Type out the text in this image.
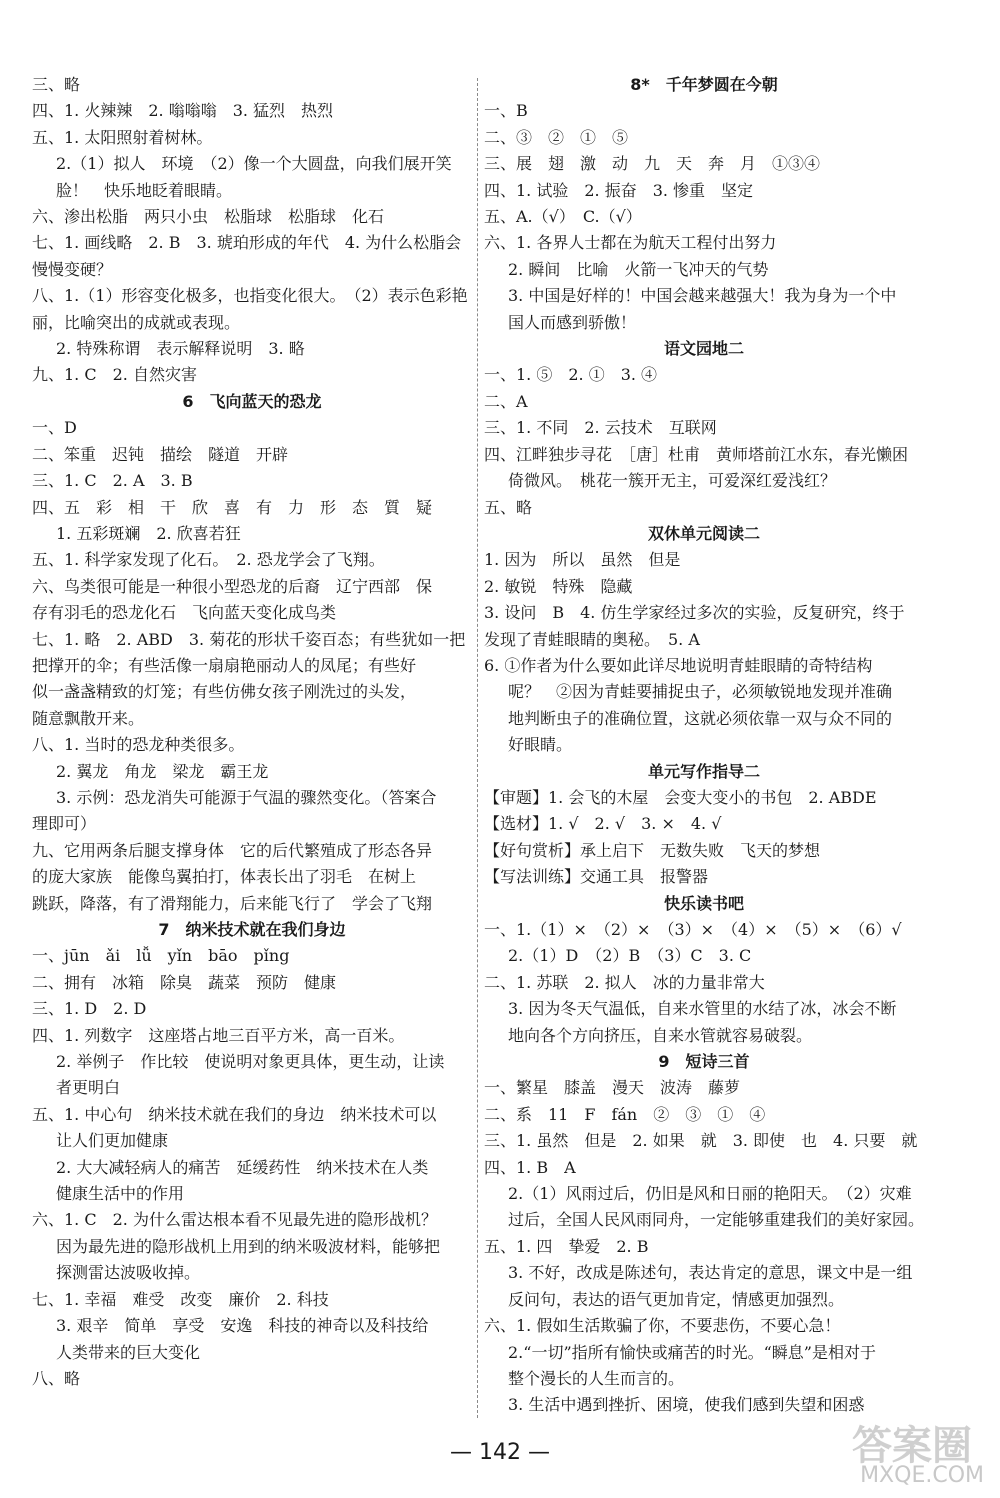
三、略
四、1. 火辣辣　2. 嗡嗡嗡　3. 猛烈　热烈
五、1. 太阳照射着树林。
2.（1）拟人　环境　（2）像一个大圆盘，向我们展开笑
脸！　快乐地眨着眼睛。
六、渗出松脂　两只小虫　松脂球　松脂球　化石
七、1. 画线略　2. B　3. 琥珀形成的年代　4. 为什么松脂会
慢慢变硬？
八、1.（1）形容变化极多，也指变化很大。　（2）表示色彩艳
丽，比喻突出的成就或表现。
2. 特殊称谓　表示解释说明　3. 略
九、1. C　2. 自然灾害
6　飞向蓝天的恐龙
一、D
二、笨重　迟钝　描绘　隧道　开辟
三、1. C　2. A　3. B
四、五　彩　相　干　欣　喜　有　力　形　态　質　疑
1. 五彩斑斓　2. 欣喜若狂
五、1. 科学家发现了化石。　2. 恐龙学会了飞翔。
六、鸟类很可能是一种很小型恐龙的后裔　辽宁西部　保
存有羽毛的恐龙化石　飞向蓝天变化成鸟类
七、1. 略　2. ABD　3. 菊花的形状千姿百态；有些犹如一把
把撑开的伞；有些活像一扇扇艳丽动人的凤尾；有些好
似一盏盏精致的灯笼；有些仿佛女孩子刚洗过的头发，
随意飘散开来。
八、1. 当时的恐龙种类很多。
2. 翼龙　角龙　梁龙　霸王龙
3. 示例：恐龙消失可能源于气温的骤然变化。（答案合
理即可）
九、它用两条后腿支撑身体　它的后代繁殖成了形态各异
的庞大家族　能像鸟翼拍打，体表长出了羽毛　在树上
跳跃，降落，有了滑翔能力，后来能飞行了　学会了飞翔
7　纳米技术就在我们身边
一、jūn　ǎi　lǚ　yǐn　bāo　pǐng
二、拥有　冰箱　除臭　蔬菜　预防　健康
三、1. D　2. D
四、1. 列数字　这座塔占地三百平方米，高一百米。
2. 举例子　作比较　使说明对象更具体，更生动，让读
者更明白
五、1. 中心句　纳米技术就在我们的身边　纳米技术可以
让人们更加健康
2. 大大减轻病人的痛苦　延缓药性　纳米技术在人类
健康生活中的作用
六、1. C　2. 为什么雷达根本看不见最先进的隐形战机？
因为最先进的隐形战机上用到的纳米吸波材料，能够把
探测雷达波吸收掉。
七、1. 幸福　难受　改变　廉价　2. 科技
3. 艰辛　简单　享受　安逸　科技的神奇以及科技给
人类带来的巨大变化
八、略
8*　千年梦圆在今朝
一、B
二、③　②　①　⑤
三、展　翅　激　动　九　天　奔　月　①③④
四、1. 试验　2. 振奋　3. 惨重　坚定
五、A.（√）　C.（√）
六、1. 各界人士都在为航天工程付出努力
2. 瞬间　比喻　火箭一飞冲天的气势
3. 中国是好样的！中国会越来越强大！我为身为一个中
国人而感到骄傲！
语文园地二
一、1. ⑤　2. ①　3. ④
二、A
三、1. 不同　2. 云技术　互联网
四、江畔独步寻花　［唐］杜甫　黄师塔前江水东，春光懒困
倚微风。　桃花一簇开无主，可爱深红爱浅红？
五、略
双休单元阅读二
1. 因为　所以　虽然　但是
2. 敏锐　特殊　隐藏
3. 设问　B　4. 仿生学家经过多次的实验，反复研究，终于
发现了青蛙眼睛的奥秘。　5. A
6. ①作者为什么要如此详尽地说明青蛙眼睛的奇特结构
呢？　②因为青蛙要捕捉虫子，必须敏锐地发现并准确
地判断虫子的准确位置，这就必须依靠一双与众不同的
好眼睛。
单元写作指导二
【审题】1. 会飞的木屋　会变大变小的书包　2. ABDE
【选材】1. √　2. √　3. ×　4. √
【好句赏析】承上启下　无数失败　飞天的梦想
【写法训练】交通工具　报警器
快乐读书吧
一、1.（1）×　（2）×　（3）×　（4）×　（5）×　（6）√
2.（1）D　（2）B　（3）C　3. C
二、1. 苏联　2. 拟人　冰的力量非常大
3. 因为冬天气温低，自来水管里的水结了冰，冰会不断
地向各个方向挤压，自来水管就容易破裂。
9　短诗三首
一、繁星　膝盖　漫天　波涛　藤萝
二、系　11　F　fán　②　③　①　④
三、1. 虽然　但是　2. 如果　就　3. 即使　也　4. 只要　就
四、1. B　A
2.（1）风雨过后，仍旧是风和日丽的艳阳天。　（2）灾难
过后，全国人民风雨同舟，一定能够重建我们的美好家园。
五、1. 四　挚爱　2. B
3. 不好，改成是陈述句，表达肯定的意思，课文中是一组
反问句，表达的语气更加肯定，情感更加强烈。
六、1. 假如生活欺骗了你，不要悲伤，不要心急！
2.“一切”指所有愉快或痛苦的时光。“瞬息”是相对于
整个漫长的人生而言的。
3. 生活中遇到挫折、困境，使我们感到失望和困惑
— 142 —	答案圈
MXQE.COM
